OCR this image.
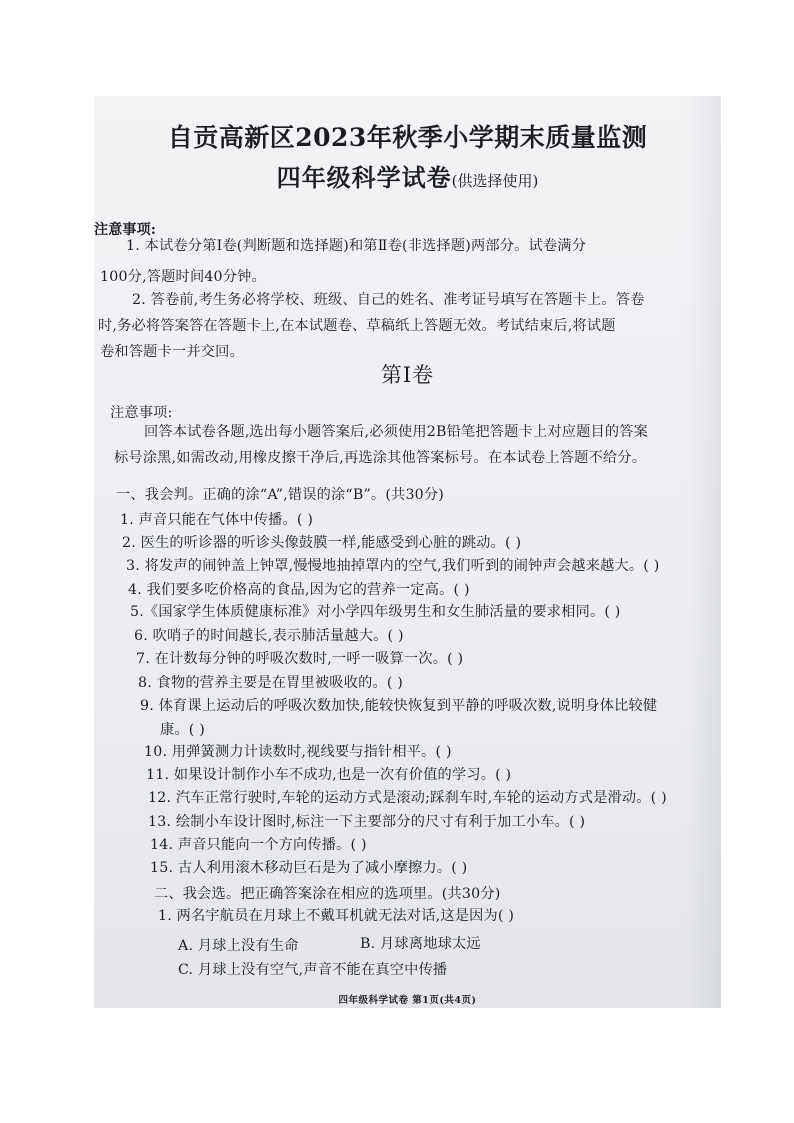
自贡高新区2023年秋季小学期末质量监测
四年级科学试卷(供选择使用)
注意事项:
1. 本试卷分第Ⅰ卷(判断题和选择题)和第Ⅱ卷(非选择题)两部分。试卷满分
100分,答题时间40分钟。
2. 答卷前,考生务必将学校、班级、自己的姓名、准考证号填写在答题卡上。答卷
时,务必将答案答在答题卡上,在本试题卷、草稿纸上答题无效。考试结束后,将试题
卷和答题卡一并交回。
第Ⅰ卷
注意事项:
回答本试卷各题,选出每小题答案后,必须使用2B铅笔把答题卡上对应题目的答案
标号涂黑,如需改动,用橡皮擦干净后,再选涂其他答案标号。在本试卷上答题不给分。
一、我会判。正确的涂“A”,错误的涂“B”。(共30分)
1. 声音只能在气体中传播。( )
2. 医生的听诊器的听诊头像鼓膜一样,能感受到心脏的跳动。( )
3. 将发声的闹钟盖上钟罩,慢慢地抽掉罩内的空气,我们听到的闹钟声会越来越大。( )
4. 我们要多吃价格高的食品,因为它的营养一定高。( )
5.《国家学生体质健康标准》对小学四年级男生和女生肺活量的要求相同。( )
6. 吹哨子的时间越长,表示肺活量越大。( )
7. 在计数每分钟的呼吸次数时,一呼一吸算一次。( )
8. 食物的营养主要是在胃里被吸收的。( )
9. 体育课上运动后的呼吸次数加快,能较快恢复到平静的呼吸次数,说明身体比较健
康。( )
10. 用弹簧测力计读数时,视线要与指针相平。( )
11. 如果设计制作小车不成功,也是一次有价值的学习。( )
12. 汽车正常行驶时,车轮的运动方式是滚动;踩刹车时,车轮的运动方式是滑动。( )
13. 绘制小车设计图时,标注一下主要部分的尺寸有利于加工小车。( )
14. 声音只能向一个方向传播。( )
15. 古人利用滚木移动巨石是为了减小摩擦力。( )
二、我会选。把正确答案涂在相应的选项里。(共30分)
1. 两名宇航员在月球上不戴耳机就无法对话,这是因为( )
A. 月球上没有生命	B. 月球离地球太远
C. 月球上没有空气,声音不能在真空中传播
四年级科学试卷 第1页(共4页)
